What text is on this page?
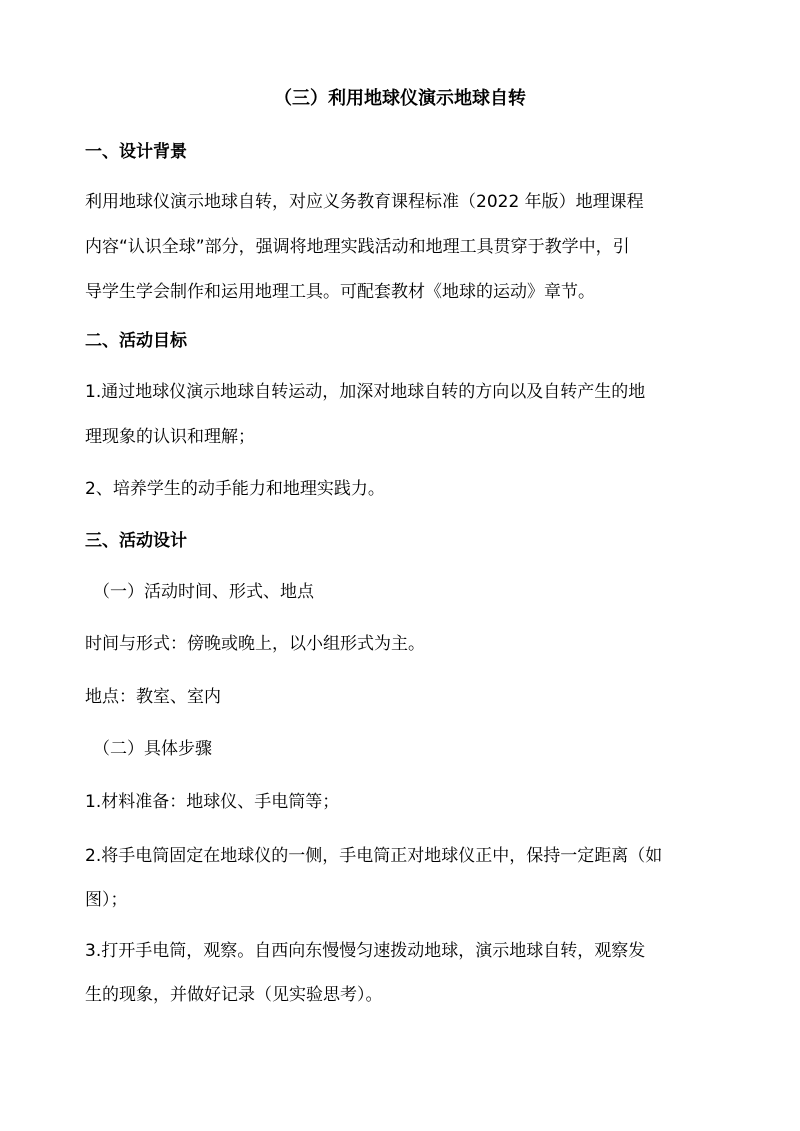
（三）利用地球仪演示地球自转
一、设计背景
利用地球仪演示地球自转，对应义务教育课程标准（2022 年版）地理课程
内容“认识全球”部分，强调将地理实践活动和地理工具贯穿于教学中，引
导学生学会制作和运用地理工具。可配套教材《地球的运动》章节。
二、活动目标
1.通过地球仪演示地球自转运动，加深对地球自转的方向以及自转产生的地
理现象的认识和理解；
2、培养学生的动手能力和地理实践力。
三、活动设计
（一）活动时间、形式、地点
时间与形式：傍晚或晚上，以小组形式为主。
地点：教室、室内
（二）具体步骤
1.材料准备：地球仪、手电筒等；
2.将手电筒固定在地球仪的一侧，手电筒正对地球仪正中，保持一定距离（如
图）；
3.打开手电筒，观察。自西向东慢慢匀速拨动地球，演示地球自转，观察发
生的现象，并做好记录（见实验思考）。
